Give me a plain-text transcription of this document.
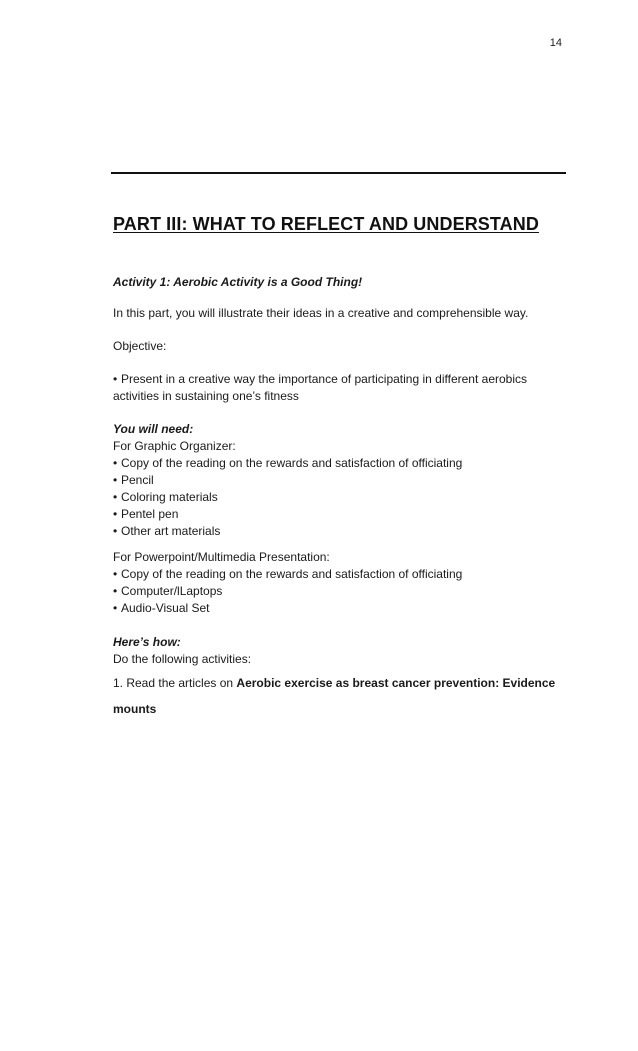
14
PART III: WHAT TO REFLECT AND UNDERSTAND
Activity 1: Aerobic Activity is a Good Thing!

In this part, you will illustrate their ideas in a creative and comprehensible way.

Objective:

• Present in a creative way the importance of participating in different aerobics activities in sustaining one’s fitness

You will need:

For Graphic Organizer:

• Copy of the reading on the rewards and satisfaction of officiating
• Pencil
• Coloring materials
• Pentel pen
• Other art materials

For Powerpoint/Multimedia Presentation:

• Copy of the reading on the rewards and satisfaction of officiating
• Computer/lLaptops
• Audio-Visual Set
Here’s how:

Do the following activities:

1. Read the articles on Aerobic exercise as breast cancer prevention: Evidence mounts
